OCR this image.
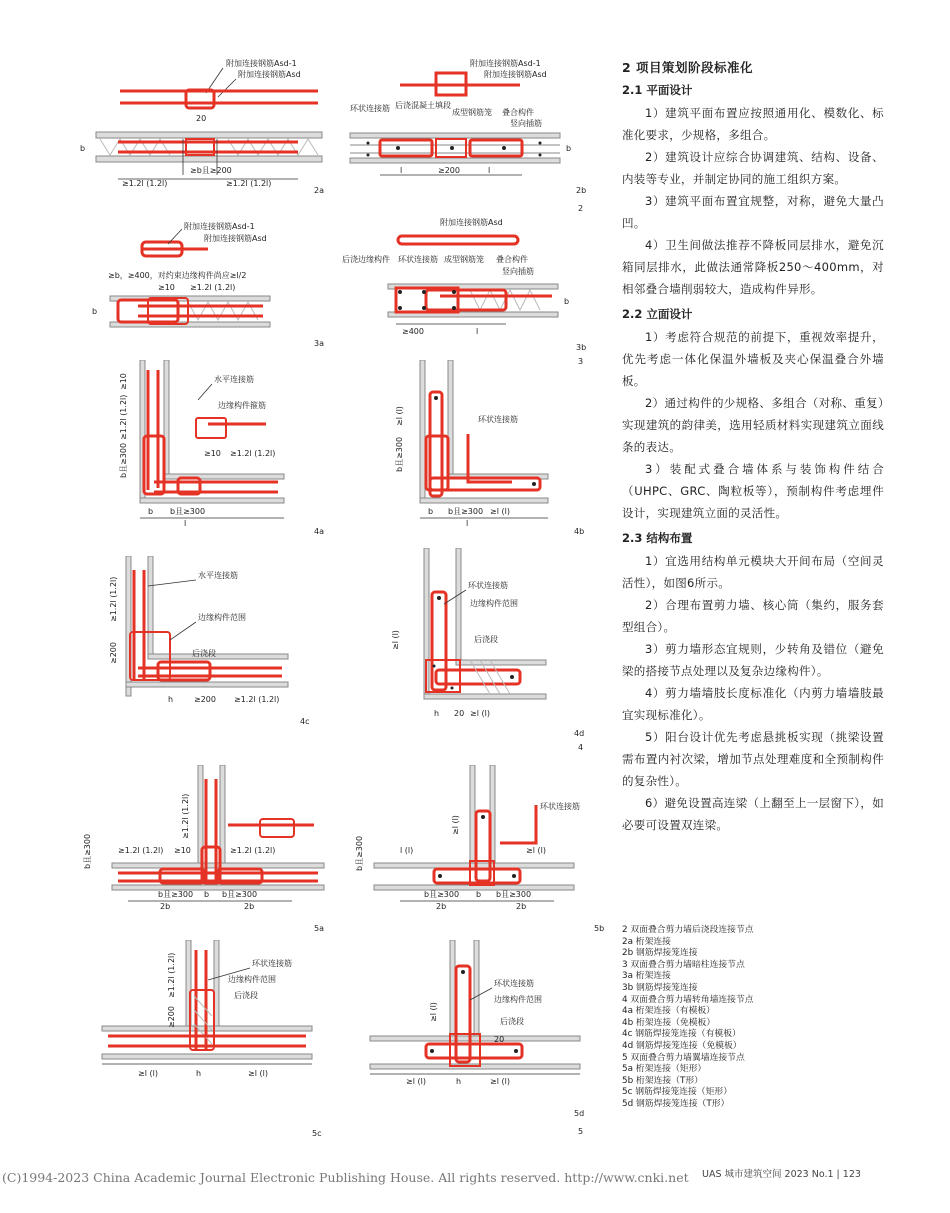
附加连接钢筋Asd-1
附加连接钢筋Asd
20
≥b且≥200
≥1.2l (1.2l)	≥1.2l (1.2l)
b
2a
附加连接钢筋Asd-1
附加连接钢筋Asd
后浇混凝土填段
环状连接筋	成型钢筋笼 叠合构件
竖向插筋
l	≥200	l
b
2b
2
附加连接钢筋Asd-1
附加连接钢筋Asd
≥b，≥400，对约束边缘构件尚应≥l/2
≥10 ≥1.2l (1.2l)
b
3a
附加连接钢筋Asd
后浇边缘构件 环状连接筋 成型钢筋笼 叠合构件
竖向插筋
≥400	l
b
3b
3
水平连接筋
边缘构件箍筋
≥10 ≥1.2l (1.2l)
b b且≥300
l
b且≥300
≥1.2l (1.2l)
≥10
4a
环状连接筋
b b且≥300 ≥l (l)
l
b且≥300
≥l (l)
4b
水平连接筋
边缘构件范围
后浇段
h	≥200 ≥1.2l (1.2l)
≥200
≥1.2l (1.2l)
4c
环状连接筋
边缘构件范围
后浇段
h 20 ≥l (l)
≥l (l)
4d
4
≥1.2l (1.2l) ≥10	≥1.2l (1.2l)
b且≥300 b b且≥300
2b	2b
b且≥300
≥1.2l (1.2l)
5a
环状连接筋
l (l)	≥l (l)
b且≥300 b b且≥300
2b	2b
b且≥300
≥l (l)
5b
环状连接筋
边缘构件范围
后浇段
≥l (l)	h	≥l (l)
≥200
≥1.2l (1.2l)
5c
环状连接筋
边缘构件范围
后浇段
20
≥l (l)	h	≥l (l)
≥l (l)
5d
5
2 项目策划阶段标准化
2.1 平面设计

1）建筑平面布置应按照通用化、模数化、标准化要求，少规格，多组合。

2）建筑设计应综合协调建筑、结构、设备、内装等专业，并制定协同的施工组织方案。

3）建筑平面布置宜规整，对称，避免大量凸凹。

4）卫生间做法推荐不降板同层排水，避免沉箱同层排水，此做法通常降板250～400mm，对相邻叠合墙削弱较大，造成构件异形。

2.2 立面设计

1）考虑符合规范的前提下，重视效率提升，优先考虑一体化保温外墙板及夹心保温叠合外墙板。

2）通过构件的少规格、多组合（对称、重复）实现建筑的韵律美，选用轻质材料实现建筑立面线条的表达。

3）装配式叠合墙体系与装饰构件结合（UHPC、GRC、陶粒板等），预制构件考虑埋件设计，实现建筑立面的灵活性。

2.3 结构布置

1）宜选用结构单元模块大开间布局（空间灵活性），如图6所示。

2）合理布置剪力墙、核心筒（集约，服务套型组合）。

3）剪力墙形态宜规则，少转角及错位（避免梁的搭接节点处理以及复杂边缘构件）。

4）剪力墙墙肢长度标准化（内剪力墙墙肢最宜实现标准化）。

5）阳台设计优先考虑悬挑板实现（挑梁设置需布置内衬次梁，增加节点处理难度和全预制构件的复杂性）。

6）避免设置高连梁（上翻至上一层窗下），如必要可设置双连梁。

2 双面叠合剪力墙后浇段连接节点
2a 桁架连接
2b 钢筋焊接笼连接
3 双面叠合剪力墙暗柱连接节点
3a 桁架连接
3b 钢筋焊接笼连接
4 双面叠合剪力墙转角墙连接节点
4a 桁架连接（有模板）
4b 桁架连接（免模板）
4c 钢筋焊接笼连接（有模板）
4d 钢筋焊接笼连接（免模板）
5 双面叠合剪力墙翼墙连接节点
5a 桁架连接（矩形）
5b 桁架连接（T形）
5c 钢筋焊接笼连接（矩形）
5d 钢筋焊接笼连接（T形）
(C)1994-2023 China Academic Journal Electronic Publishing House. All rights reserved. http://www.cnki.net UAS 城市建筑空间 2023 No.1 | 123
